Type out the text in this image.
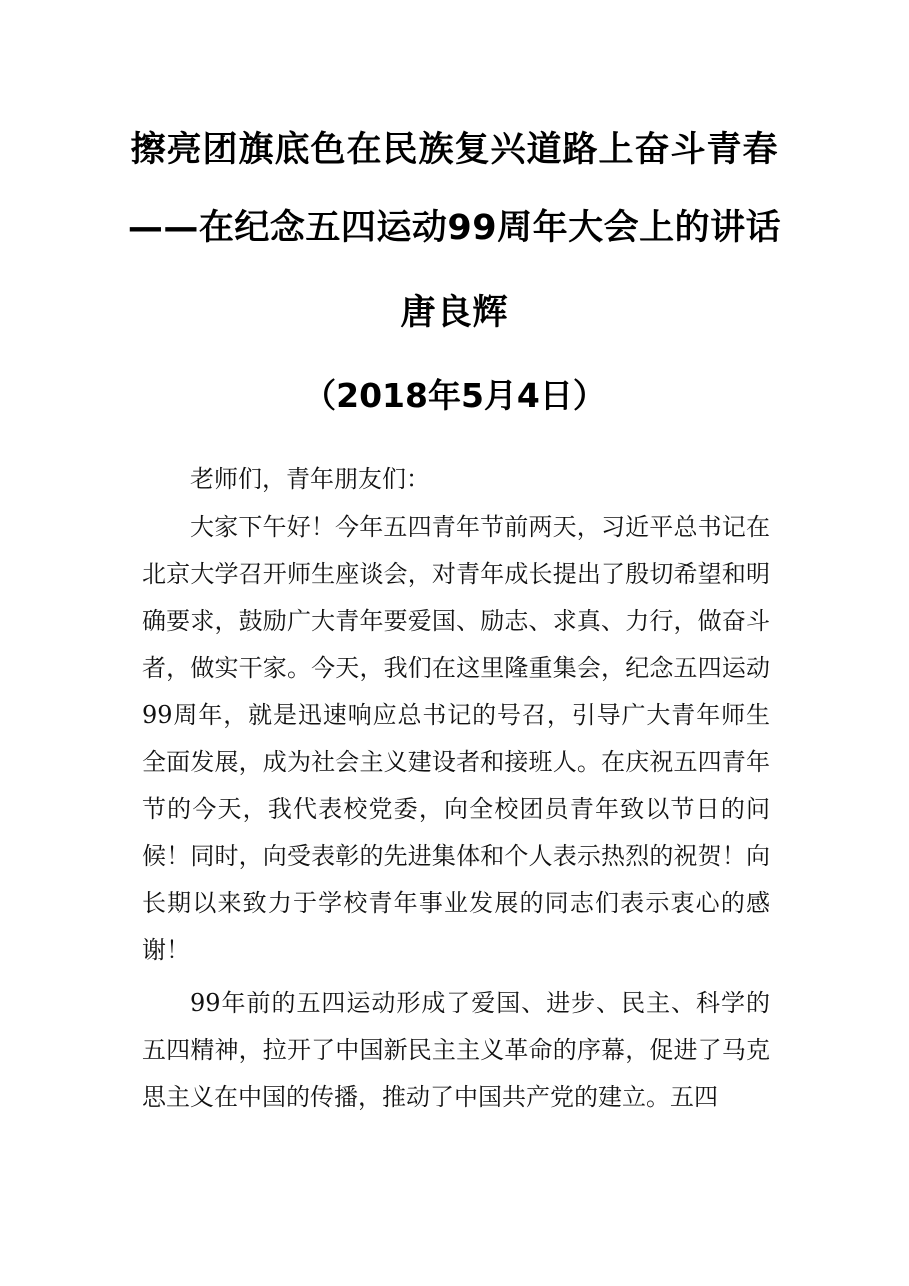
擦亮团旗底色在民族复兴道路上奋斗青春
——在纪念五四运动99周年大会上的讲话
唐良辉
（2018年5月4日）
老师们，青年朋友们：

大家下午好！今年五四青年节前两天，习近平总书记在北京大学召开师生座谈会，对青年成长提出了殷切希望和明确要求，鼓励广大青年要爱国、励志、求真、力行，做奋斗者，做实干家。今天，我们在这里隆重集会，纪念五四运动99周年，就是迅速响应总书记的号召，引导广大青年师生全面发展，成为社会主义建设者和接班人。在庆祝五四青年节的今天，我代表校党委，向全校团员青年致以节日的问候！同时，向受表彰的先进集体和个人表示热烈的祝贺！向长期以来致力于学校青年事业发展的同志们表示衷心的感谢！

99年前的五四运动形成了爱国、进步、民主、科学的五四精神，拉开了中国新民主主义革命的序幕，促进了马克思主义在中国的传播，推动了中国共产党的建立。五四
